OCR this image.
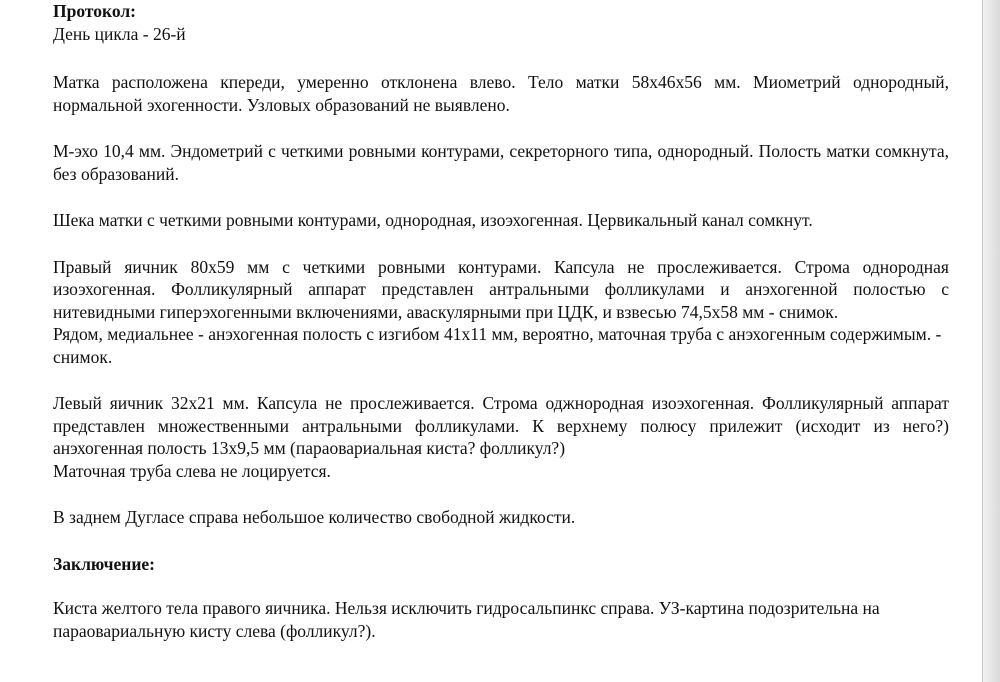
Протокол:

День цикла - 26-й

Матка расположена кпереди, умеренно отклонена влево. Тело матки 58х46х56 мм. Миометрий однородный, нормальной эхогенности. Узловых образований не выявлено.

М-эхо 10,4 мм. Эндометрий с четкими ровными контурами, секреторного типа, однородный. Полость матки сомкнута, без образований.

Шека матки с четкими ровными контурами, однородная, изоэхогенная. Цервикальный канал сомкнут.

Правый яичник 80х59 мм с четкими ровными контурами. Капсула не прослеживается. Строма однородная изоэхогенная. Фолликулярный аппарат представлен антральными фолликулами и анэхогенной полостью с нитевидными гиперэхогенными включениями, аваскулярными при ЦДК, и взвесью 74,5х58 мм - снимок.

Рядом, медиальнее - анэхогенная полость с изгибом 41х11 мм, вероятно, маточная труба с анэхогенным содержимым. - снимок.

Левый яичник 32х21 мм. Капсула не прослеживается. Строма оджнородная изоэхогенная. Фолликулярный аппарат представлен множественными антральными фолликулами. К верхнему полюсу прилежит (исходит из него?) анэхогенная полость 13х9,5 мм (параовариальная киста? фолликул?)

Маточная труба слева не лоцируется.

В заднем Дугласе справа небольшое количество свободной жидкости.

Заключение:

Киста желтого тела правого яичника. Нельзя исключить гидросальпинкс справа. УЗ-картина подозрительна на параовариальную кисту слева (фолликул?).
